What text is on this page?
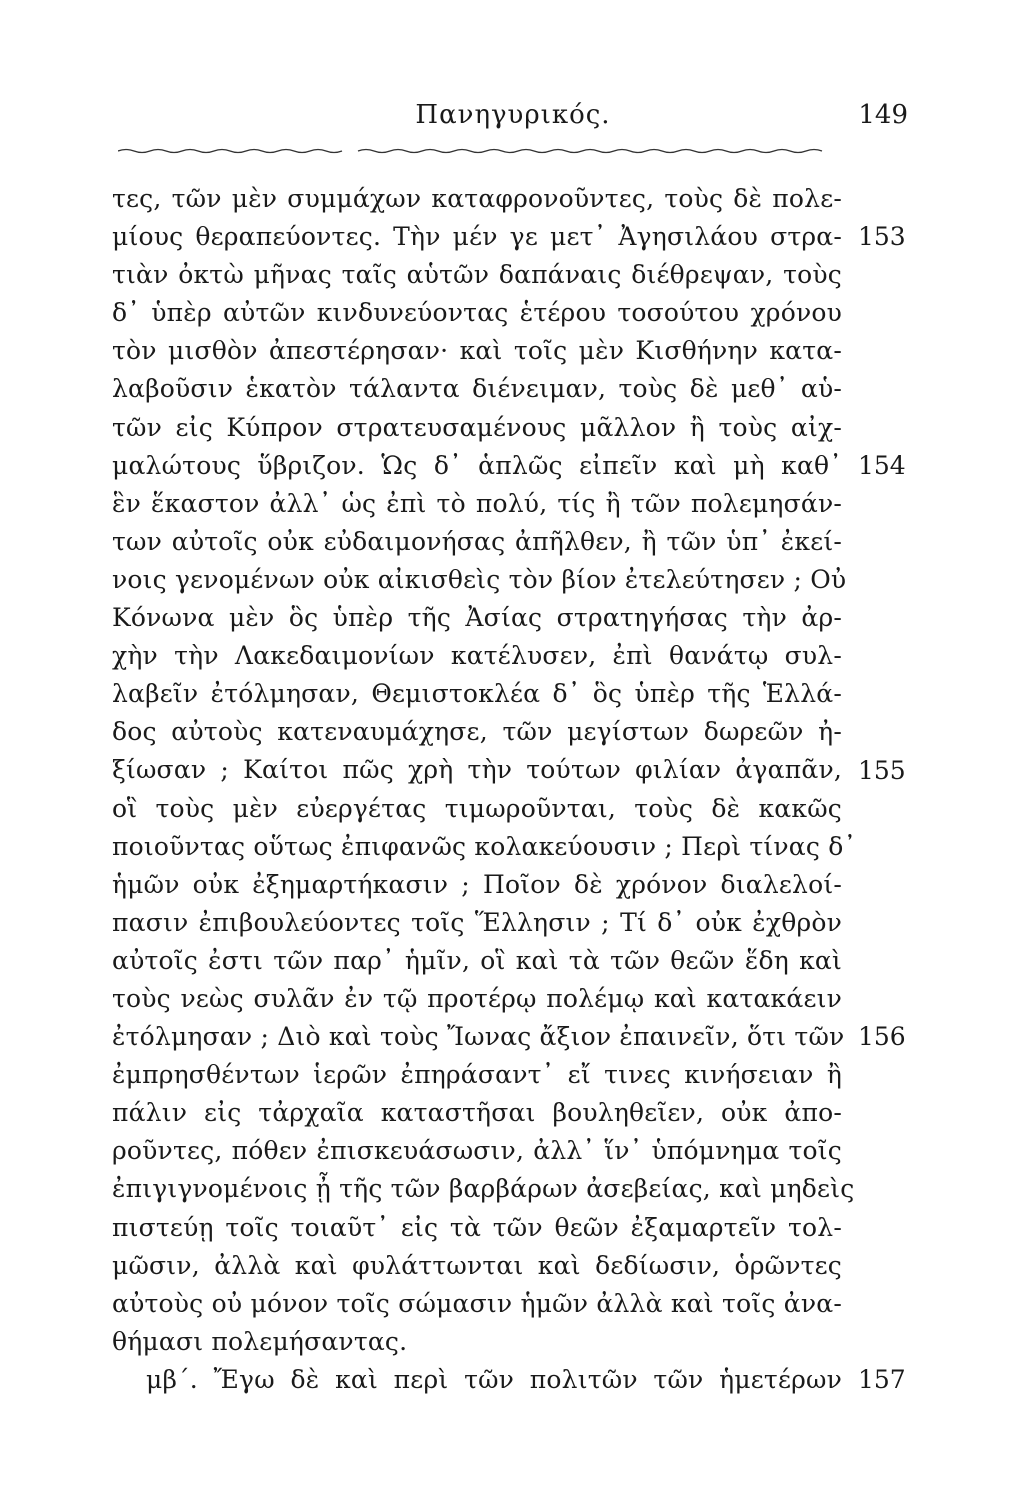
Πανηγυρικός.	149
τες, τῶν μὲν συμμάχων καταφρονοῦντες, τοὺς δὲ πολε-
μίους θεραπεύοντες. Τὴν μέν γε μετ᾽ Ἀγησιλάου στρα-
τιὰν ὀκτὼ μῆνας ταῖς αὑτῶν δαπάναις διέθρεψαν, τοὺς
δ᾽ ὑπὲρ αὐτῶν κινδυνεύοντας ἑτέρου τοσούτου χρόνου
τὸν μισθὸν ἀπεστέρησαν· καὶ τοῖς μὲν Κισθήνην κατα-
λαβοῦσιν ἑκατὸν τάλαντα διένειμαν, τοὺς δὲ μεθ᾽ αὑ-
τῶν εἰς Κύπρον στρατευσαμένους μᾶλλον ἢ τοὺς αἰχ-
μαλώτους ὕβριζον. Ὡς δ᾽ ἁπλῶς εἰπεῖν καὶ μὴ καθ᾽
ἓν ἕκαστον ἀλλ᾽ ὡς ἐπὶ τὸ πολύ, τίς ἢ τῶν πολεμησάν-
των αὐτοῖς οὐκ εὐδαιμονήσας ἀπῆλθεν, ἢ τῶν ὑπ᾽ ἐκεί-
νοις γενομένων οὐκ αἰκισθεὶς τὸν βίον ἐτελεύτησεν ; Οὐ
Κόνωνα μὲν ὃς ὑπὲρ τῆς Ἀσίας στρατηγήσας τὴν ἀρ-
χὴν τὴν Λακεδαιμονίων κατέλυσεν, ἐπὶ θανάτῳ συλ-
λαβεῖν ἐτόλμησαν, Θεμιστοκλέα δ᾽ ὃς ὑπὲρ τῆς Ἑλλά-
δος αὐτοὺς κατεναυμάχησε, τῶν μεγίστων δωρεῶν ἠ-
ξίωσαν ; Καίτοι πῶς χρὴ τὴν τούτων φιλίαν ἀγαπᾶν,
οἳ τοὺς μὲν εὐεργέτας τιμωροῦνται, τοὺς δὲ κακῶς
ποιοῦντας οὕτως ἐπιφανῶς κολακεύουσιν ; Περὶ τίνας δ᾽
ἡμῶν οὐκ ἐξημαρτήκασιν ; Ποῖον δὲ χρόνον διαλελοί-
πασιν ἐπιβουλεύοντες τοῖς Ἕλλησιν ; Τί δ᾽ οὐκ ἐχθρὸν
αὐτοῖς ἐστι τῶν παρ᾽ ἡμῖν, οἳ καὶ τὰ τῶν θεῶν ἕδη καὶ
τοὺς νεὼς συλᾶν ἐν τῷ προτέρῳ πολέμῳ καὶ κατακάειν
ἐτόλμησαν ; Διὸ καὶ τοὺς Ἴωνας ἄξιον ἐπαινεῖν, ὅτι τῶν
ἐμπρησθέντων ἱερῶν ἐπηράσαντ᾽ εἴ τινες κινήσειαν ἢ
πάλιν εἰς τἀρχαῖα καταστῆσαι βουληθεῖεν, οὐκ ἀπο-
ροῦντες, πόθεν ἐπισκευάσωσιν, ἀλλ᾽ ἵν᾽ ὑπόμνημα τοῖς
ἐπιγιγνομένοις ᾖ τῆς τῶν βαρβάρων ἀσεβείας, καὶ μηδεὶς
πιστεύῃ τοῖς τοιαῦτ᾽ εἰς τὰ τῶν θεῶν ἐξαμαρτεῖν τολ-
μῶσιν, ἀλλὰ καὶ φυλάττωνται καὶ δεδίωσιν, ὁρῶντες
αὐτοὺς οὐ μόνον τοῖς σώμασιν ἡμῶν ἀλλὰ καὶ τοῖς ἀνα-
θήμασι πολεμήσαντας.
μβ´. Ἔγω δὲ καὶ περὶ τῶν πολιτῶν τῶν ἡμετέρων
153
154
155
156
157
